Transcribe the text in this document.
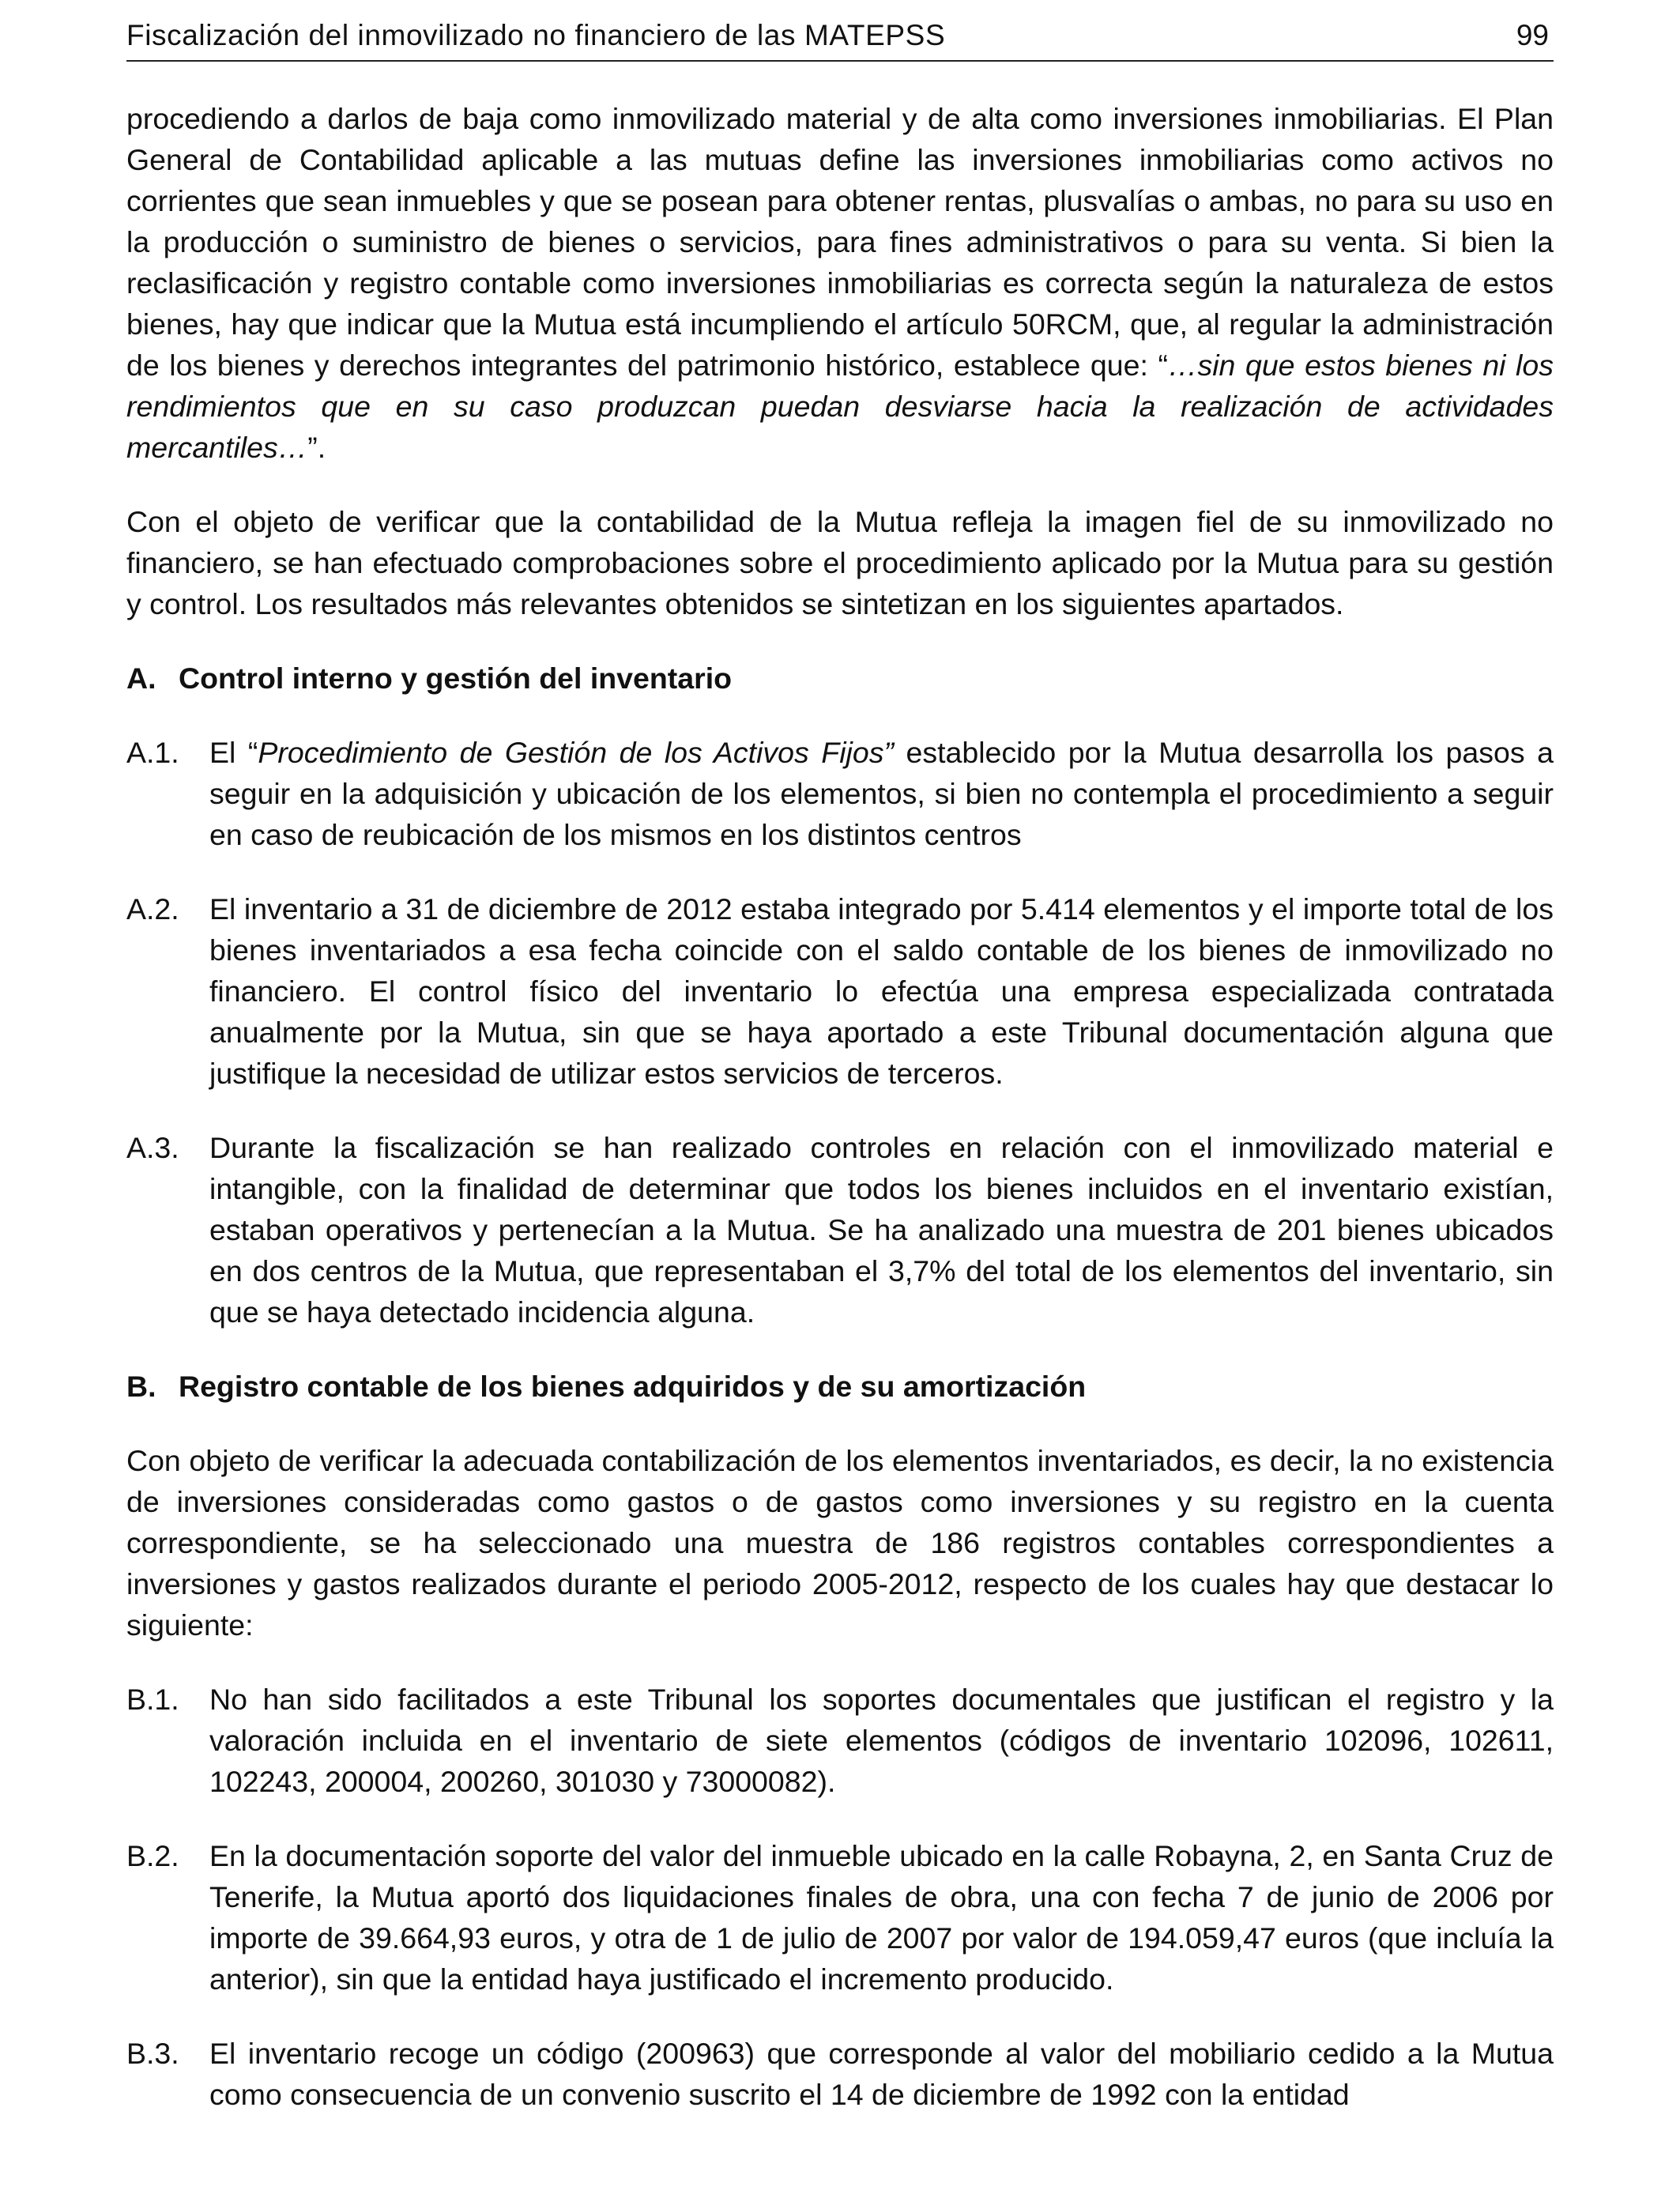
Fiscalización del inmovilizado no financiero de las MATEPSS	99

procediendo a darlos de baja como inmovilizado material y de alta como inversiones inmobiliarias. El Plan General de Contabilidad aplicable a las mutuas define las inversiones inmobiliarias como activos no corrientes que sean inmuebles y que se posean para obtener rentas, plusvalías o ambas, no para su uso en la producción o suministro de bienes o servicios, para fines administrativos o para su venta. Si bien la reclasificación y registro contable como inversiones inmobiliarias es correcta según la naturaleza de estos bienes, hay que indicar que la Mutua está incumpliendo el artículo 50RCM, que, al regular la administración de los bienes y derechos integrantes del patrimonio histórico, establece que: “…sin que estos bienes ni los rendimientos que en su caso produzcan puedan desviarse hacia la realización de actividades mercantiles…”.

Con el objeto de verificar que la contabilidad de la Mutua refleja la imagen fiel de su inmovilizado no financiero, se han efectuado comprobaciones sobre el procedimiento aplicado por la Mutua para su gestión y control. Los resultados más relevantes obtenidos se sintetizan en los siguientes apartados.

A. Control interno y gestión del inventario
A.1. El “Procedimiento de Gestión de los Activos Fijos” establecido por la Mutua desarrolla los pasos a seguir en la adquisición y ubicación de los elementos, si bien no contempla el procedimiento a seguir en caso de reubicación de los mismos en los distintos centros
A.2. El inventario a 31 de diciembre de 2012 estaba integrado por 5.414 elementos y el importe total de los bienes inventariados a esa fecha coincide con el saldo contable de los bienes de inmovilizado no financiero. El control físico del inventario lo efectúa una empresa especializada contratada anualmente por la Mutua, sin que se haya aportado a este Tribunal documentación alguna que justifique la necesidad de utilizar estos servicios de terceros.
A.3. Durante la fiscalización se han realizado controles en relación con el inmovilizado material e intangible, con la finalidad de determinar que todos los bienes incluidos en el inventario existían, estaban operativos y pertenecían a la Mutua. Se ha analizado una muestra de 201 bienes ubicados en dos centros de la Mutua, que representaban el 3,7% del total de los elementos del inventario, sin que se haya detectado incidencia alguna.
B. Registro contable de los bienes adquiridos y de su amortización

Con objeto de verificar la adecuada contabilización de los elementos inventariados, es decir, la no existencia de inversiones consideradas como gastos o de gastos como inversiones y su registro en la cuenta correspondiente, se ha seleccionado una muestra de 186 registros contables correspondientes a inversiones y gastos realizados durante el periodo 2005-2012, respecto de los cuales hay que destacar lo siguiente:

B.1. No han sido facilitados a este Tribunal los soportes documentales que justifican el registro y la valoración incluida en el inventario de siete elementos (códigos de inventario 102096, 102611, 102243, 200004, 200260, 301030 y 73000082).
B.2. En la documentación soporte del valor del inmueble ubicado en la calle Robayna, 2, en Santa Cruz de Tenerife, la Mutua aportó dos liquidaciones finales de obra, una con fecha 7 de junio de 2006 por importe de 39.664,93 euros, y otra de 1 de julio de 2007 por valor de 194.059,47 euros (que incluía la anterior), sin que la entidad haya justificado el incremento producido.
B.3. El inventario recoge un código (200963) que corresponde al valor del mobiliario cedido a la Mutua como consecuencia de un convenio suscrito el 14 de diciembre de 1992 con la entidad
